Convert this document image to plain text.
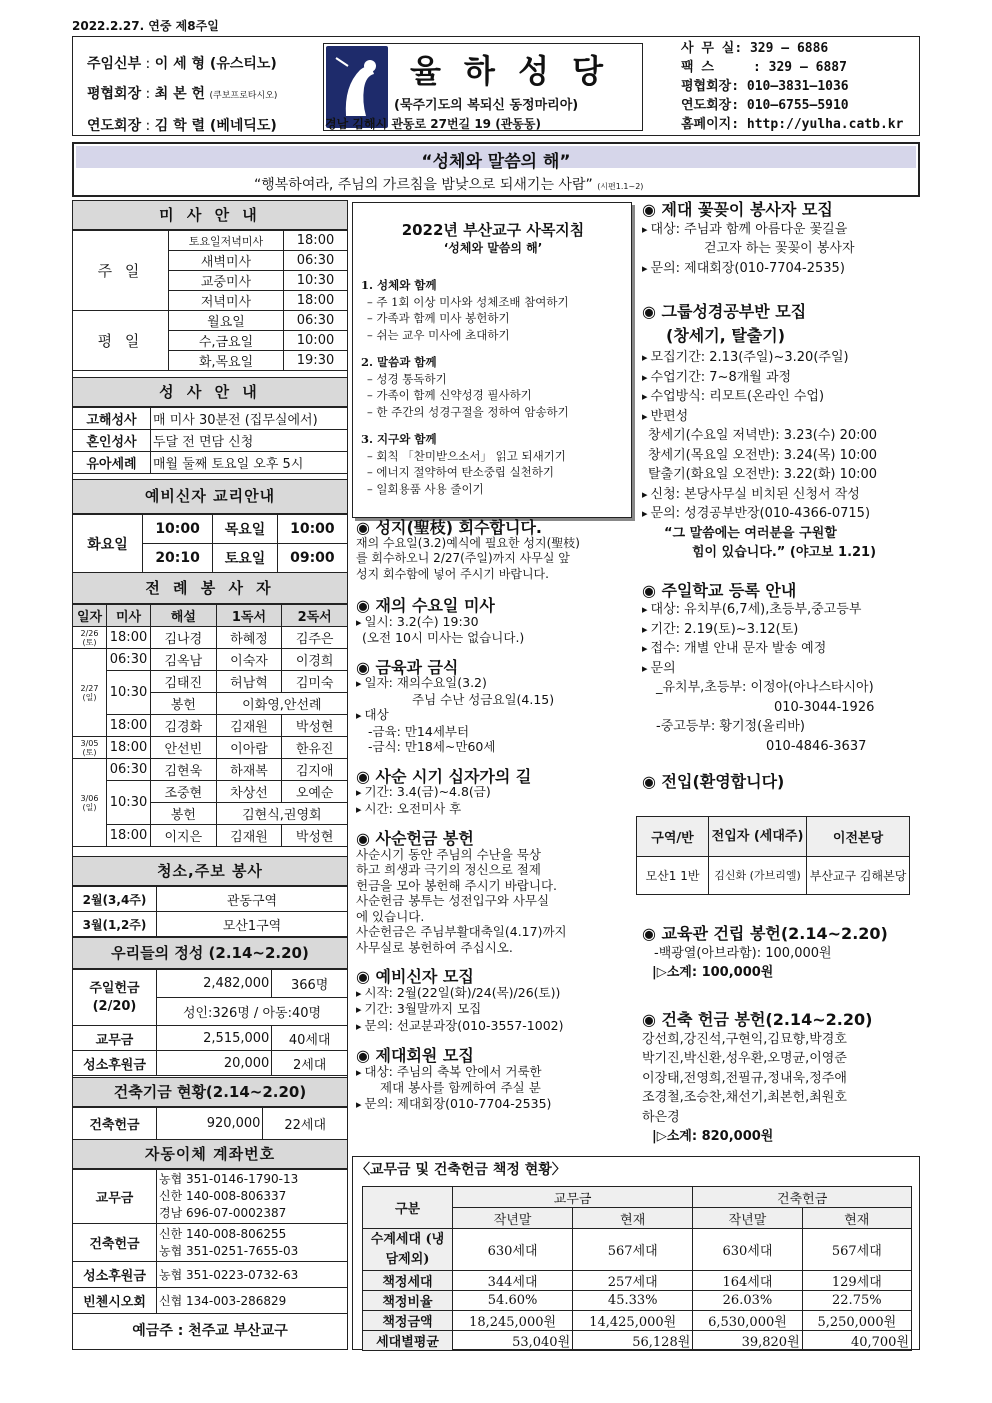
2022.2.27. 연중 제8주일
주임신부 : 이 세 형 (유스티노)
평협회장 : 최 본 헌 (쿠보프로타시오)
연도회장 : 김 학 렬 (베네딕도)
율 하 성 당
(묵주기도의 복되신 동정마리아)
경남 김해시 관동로 27번길 19 (관동동)
사 무 실: 329 – 6886
팩 스	: 329 – 6887
평협회장: 010–3831–1036
연도회장: 010–6755–5910
홈페이지: http://yulha.catb.kr
“성체와 말씀의 해”
“행복하여라, 주님의 가르침을 밤낮으로 되새기는 사람” (시편1.1~2)
미 사 안 내
주 일	토요일저녁미사	18:00
	새벽미사	06:30
	교중미사	10:30
	저녁미사	18:00
평 일	월요일	06:30
	수,금요일	10:00
	화,목요일	19:30
성 사 안 내
고해성사	매 미사 30분전 (집무실에서)
혼인성사	두달 전 면담 신청
유아세례	매월 둘째 토요일 오후 5시
예비신자 교리안내
화요일	10:00	목요일	10:00
	20:10	토요일	09:00
전 례 봉 사 자
일자	미사	해설	1독서	2독서
2/26 (토)	18:00	김나경	하혜정	김주은
2/27 (일)	06:30	김옥남	이숙자	이경희
	10:30	김태진	허남혁	김미숙
		봉헌	이화영,안선례	
	18:00	김경화	김재원	박성현
3/05 (토)	18:00	안선빈	이아람	한유진
3/06 (일)	06:30	김현욱	하재복	김지애
	10:30	조중현	차상선	오예순
		봉헌	김현식,권영회	
	18:00	이지은	김재원	박성현
청소,주보 봉사
2월(3,4주)	관동구역
3월(1,2주)	모산1구역
우리들의 정성 (2.14~2.20)
주일헌금
(2/20)	2,482,000	366명
	성인:326명 / 아동:40명	
교무금	2,515,000	40세대
성소후원금	20,000	2세대
건축기금 현황(2.14~2.20)
건축헌금	920,000	22세대
자동이체 계좌번호
교무금	농협 351-0146-1790-13
신한 140-008-806337
경남 696-07-0002387

건축헌금	신한 140-008-806255
농협 351-0251-7655-03

성소후원금	농협 351-0223-0732-63
빈첸시오회	신협 134-003-286829
예금주 : 천주교 부산교구
2022년 부산교구 사목지침
‘성체와 말씀의 해’
1. 성체와 함께
– 주 1회 이상 미사와 성체조배 참여하기
– 가족과 함께 미사 봉헌하기
– 쉬는 교우 미사에 초대하기
2. 말씀과 함께
– 성경 통독하기
– 가족이 함께 신약성경 필사하기
– 한 주간의 성경구절을 정하여 암송하기
3. 지구와 함께
– 회칙 「찬미받으소서」 읽고 되새기기
– 에너지 절약하여 탄소중립 실천하기
– 일회용품 사용 줄이기
◉ 성지(聖枝) 회수합니다.
재의 수요일(3.2)예식에 필요한 성지(聖枝)
를 회수하오니 2/27(주일)까지 사무실 앞
성지 회수함에 넣어 주시기 바랍니다.
◉ 재의 수요일 미사
▸ 일시: 3.2(수) 19:30
(오전 10시 미사는 없습니다.)
◉ 금육과 금식
▸ 일자: 재의수요일(3.2)
주님 수난 성금요일(4.15)
▸ 대상
-금육: 만14세부터
-금식: 만18세~만60세
◉ 사순 시기 십자가의 길
▸ 기간: 3.4(금)~4.8(금)
▸ 시간: 오전미사 후
◉ 사순헌금 봉헌
사순시기 동안 주님의 수난을 묵상
하고 희생과 극기의 정신으로 절제
헌금을 모아 봉헌해 주시기 바랍니다.
사순헌금 봉투는 성전입구와 사무실
에 있습니다.
사순헌금은 주님부활대축일(4.17)까지
사무실로 봉헌하여 주십시오.
◉ 예비신자 모집
▸ 시작: 2월(22일(화)/24(목)/26(토))
▸ 기간: 3월말까지 모집
▸ 문의: 선교분과장(010-3557-1002)
◉ 제대회원 모집
▸ 대상: 주님의 축복 안에서 거룩한
제대 봉사를 함께하여 주실 분
▸ 문의: 제대회장(010-7704-2535)
◉ 제대 꽃꽂이 봉사자 모집
▸ 대상: 주님과 함께 아름다운 꽃길을
걷고자 하는 꽃꽂이 봉사자
▸ 문의: 제대회장(010-7704-2535)
◉ 그룹성경공부반 모집
(창세기, 탈출기)
▸ 모집기간: 2.13(주일)~3.20(주일)
▸ 수업기간: 7~8개월 과정
▸ 수업방식: 리모트(온라인 수업)
▸ 반편성
창세기(수요일 저녁반): 3.23(수) 20:00
창세기(목요일 오전반): 3.24(목) 10:00
탈출기(화요일 오전반): 3.22(화) 10:00
▸ 신청: 본당사무실 비치된 신청서 작성
▸ 문의: 성경공부반장(010-4366-0715)
“그 말씀에는 여러분을 구원할
힘이 있습니다.” (야고보 1.21)
◉ 주일학교 등록 안내
▸ 대상: 유치부(6,7세),초등부,중고등부
▸ 기간: 2.19(토)~3.12(토)
▸ 접수: 개별 안내 문자 발송 예정
▸ 문의
_유치부,초등부: 이정아(아나스타시아)
010-3044-1926
-중고등부: 황기정(올리바)
010-4846-3637
◉ 전입(환영합니다)
구역/반	전입자 (세대주)	이전본당
모산1 1반	김신화 (가브리엘)	부산교구 김해본당
◉ 교육관 건립 봉헌(2.14~2.20)
-백광열(아브라함): 100,000원
|▷소계: 100,000원
◉ 건축 헌금 봉헌(2.14~2.20)
강선희,강진석,구현익,김묘향,박경호
박기진,박신환,성우환,오명균,이영준
이장태,전영희,전필규,정내욱,정주애
조경철,조승찬,채선기,최본헌,최원호
하은경
|▷소계: 820,000원
〈교무금 및 건축헌금 책정 현황〉
구분	교무금		건축헌금	
	작년말	현재	작년말	현재
수계세대 (냉담제외)	630세대	567세대	630세대	567세대
책정세대	344세대	257세대	164세대	129세대
책정비율	54.60%	45.33%	26.03%	22.75%
책정금액	18,245,000원	14,425,000원	6,530,000원	5,250,000원
세대별평균	53,040원	56,128원	39,820원	40,700원
